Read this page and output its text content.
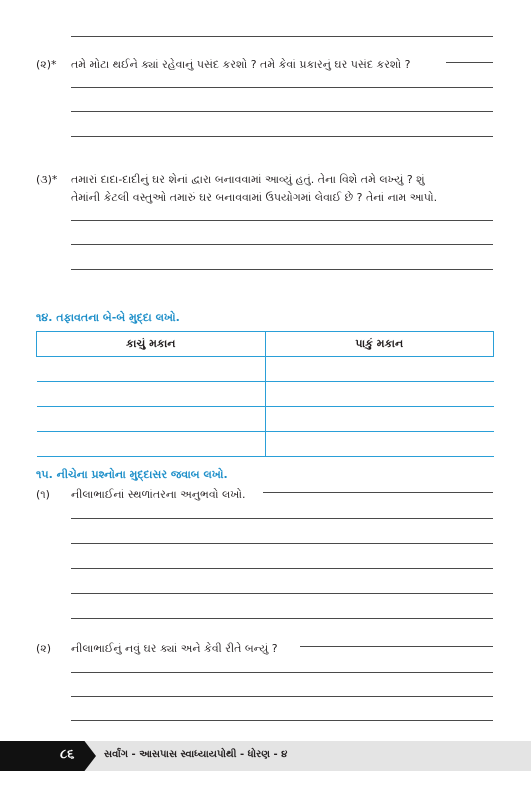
(૨)* તમે મોટા થઈને ક્યાં રહેવાનું પસંદ કરશો ? તમે કેવાં પ્રકારનું ઘર પસંદ કરશો ?
(૩)* તમારાં દાદા-દાદીનું ઘર શેનાં દ્વારા બનાવવામાં આવ્યું હતું. તેના વિશે તમે લખ્યું ? શું
તેમાંની કેટલી વસ્તુઓ તમારું ઘર બનાવવામાં ઉપયોગમાં લેવાઈ છે ? તેનાં નામ આપો.
૧૪. તફાવતના બે-બે મુદ્દા લખો.
કાચું મકાન	પાકું મકાન

૧૫. નીચેના પ્રશ્નોના મુદ્દાસર જવાબ લખો.
(૧) નીલાભાઈનાં સ્થળાંતરના અનુભવો લખો.
(૨) નીલાભાઈનું નવું ઘર ક્યાં અને કેવી રીતે બન્યું ?
૮૬	સર્વાંગ - આસપાસ સ્વાધ્યાયપોથી - ધોરણ - ૪
